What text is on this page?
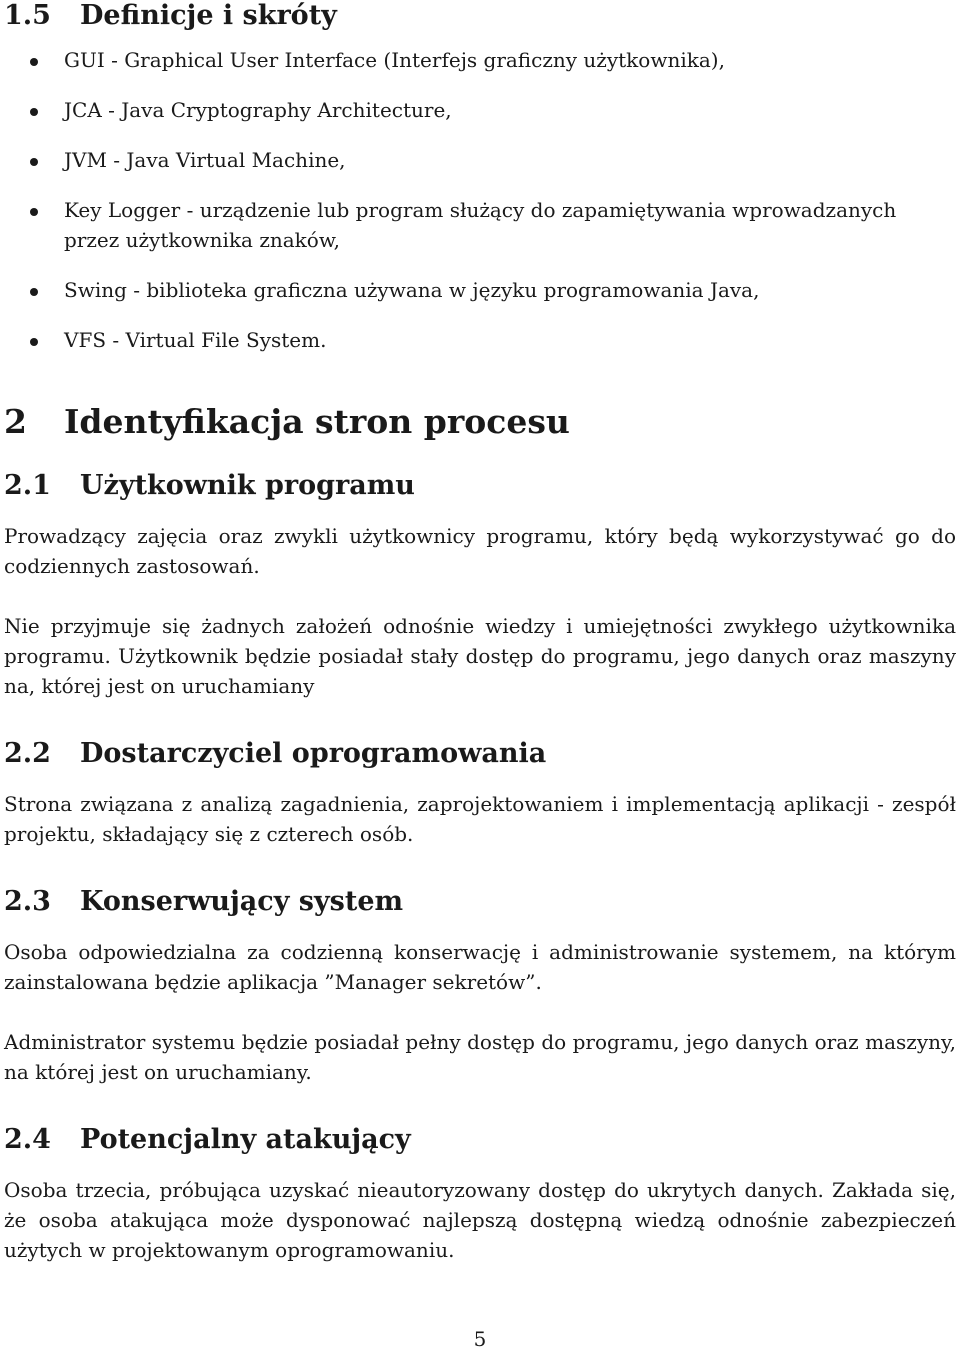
1.5 Definicje i skróty
GUI - Graphical User Interface (Interfejs graficzny użytkownika),
JCA - Java Cryptography Architecture,
JVM - Java Virtual Machine,
Key Logger - urządzenie lub program służący do zapamiętywania wprowadzanych przez użytkownika znaków,
Swing - biblioteka graficzna używana w języku programowania Java,
VFS - Virtual File System.
2 Identyfikacja stron procesu
2.1 Użytkownik programu

Prowadzący zajęcia oraz zwykli użytkownicy programu, który będą wykorzystywać go do codziennych zastosowań.

Nie przyjmuje się żadnych założeń odnośnie wiedzy i umiejętności zwykłego użytkownika programu. Użytkownik będzie posiadał stały dostęp do programu, jego danych oraz maszyny na, której jest on uruchamiany

2.2 Dostarczyciel oprogramowania

Strona związana z analizą zagadnienia, zaprojektowaniem i implementacją aplikacji - zespół projektu, składający się z czterech osób.

2.3 Konserwujący system

Osoba odpowiedzialna za codzienną konserwację i administrowanie systemem, na którym zainstalowana będzie aplikacja ”Manager sekretów”.

Administrator systemu będzie posiadał pełny dostęp do programu, jego danych oraz maszyny, na której jest on uruchamiany.

2.4 Potencjalny atakujący

Osoba trzecia, próbująca uzyskać nieautoryzowany dostęp do ukrytych danych. Zakłada się, że osoba atakująca może dysponować najlepszą dostępną wiedzą odnośnie zabezpieczeń użytych w projektowanym oprogramowaniu.

5
